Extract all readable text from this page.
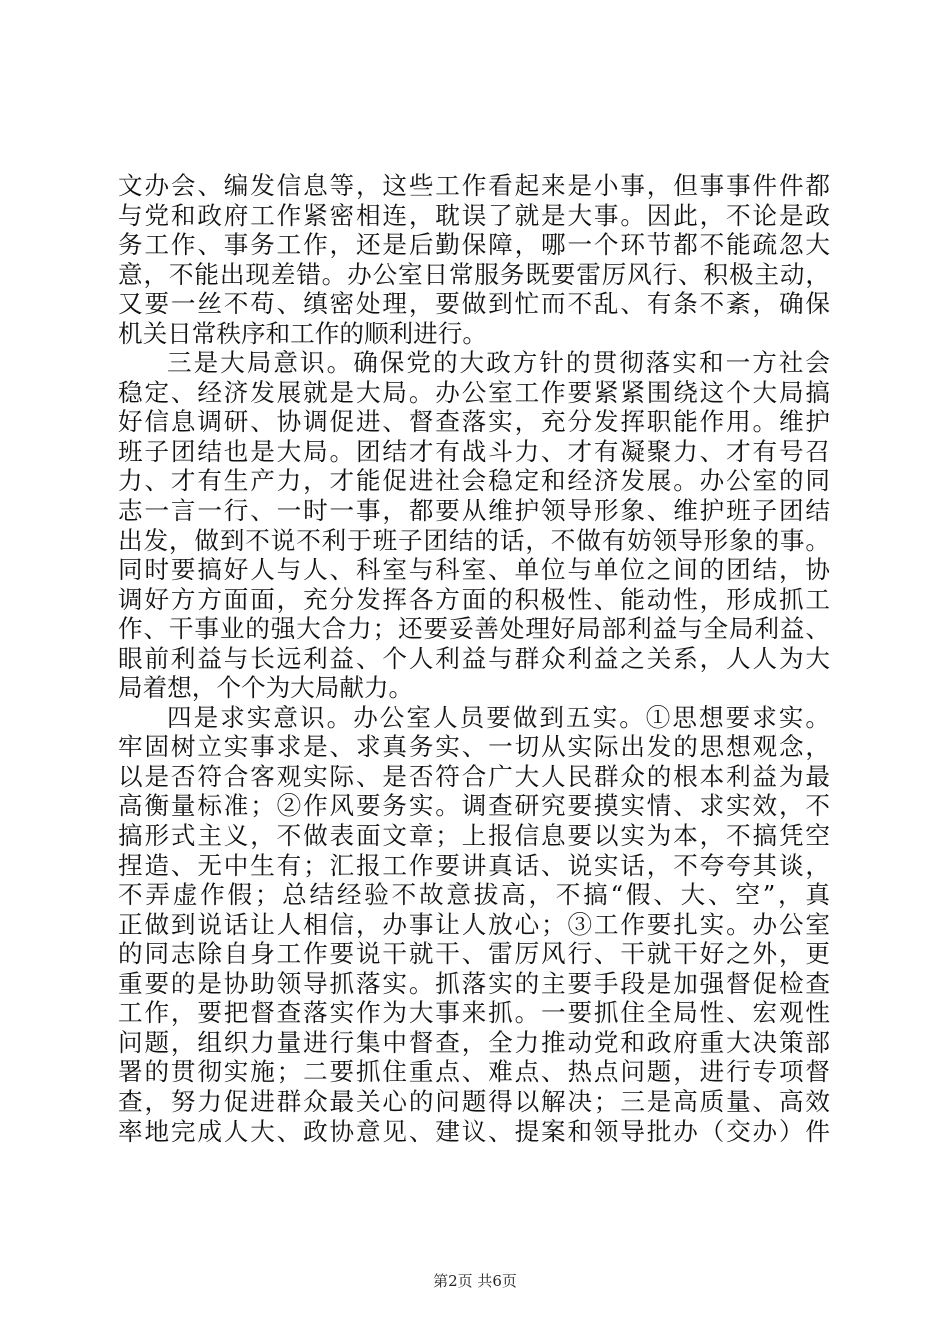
文办会、编发信息等，这些工作看起来是小事，但事事件件都
与党和政府工作紧密相连，耽误了就是大事。因此，不论是政
务工作、事务工作，还是后勤保障，哪一个环节都不能疏忽大
意，不能出现差错。办公室日常服务既要雷厉风行、积极主动，
又要一丝不苟、缜密处理，要做到忙而不乱、有条不紊，确保
机关日常秩序和工作的顺利进行。
三是大局意识。确保党的大政方针的贯彻落实和一方社会
稳定、经济发展就是大局。办公室工作要紧紧围绕这个大局搞
好信息调研、协调促进、督查落实，充分发挥职能作用。维护
班子团结也是大局。团结才有战斗力、才有凝聚力、才有号召
力、才有生产力，才能促进社会稳定和经济发展。办公室的同
志一言一行、一时一事，都要从维护领导形象、维护班子团结
出发，做到不说不利于班子团结的话，不做有妨领导形象的事。
同时要搞好人与人、科室与科室、单位与单位之间的团结，协
调好方方面面，充分发挥各方面的积极性、能动性，形成抓工
作、干事业的强大合力；还要妥善处理好局部利益与全局利益、
眼前利益与长远利益、个人利益与群众利益之关系，人人为大
局着想，个个为大局献力。
四是求实意识。办公室人员要做到五实。①思想要求实。
牢固树立实事求是、求真务实、一切从实际出发的思想观念，
以是否符合客观实际、是否符合广大人民群众的根本利益为最
高衡量标准；②作风要务实。调查研究要摸实情、求实效，不
搞形式主义，不做表面文章；上报信息要以实为本，不搞凭空
捏造、无中生有；汇报工作要讲真话、说实话，不夸夸其谈，
不弄虚作假；总结经验不故意拔高，不搞“假、大、空”，真
正做到说话让人相信，办事让人放心；③工作要扎实。办公室
的同志除自身工作要说干就干、雷厉风行、干就干好之外，更
重要的是协助领导抓落实。抓落实的主要手段是加强督促检查
工作，要把督查落实作为大事来抓。一要抓住全局性、宏观性
问题，组织力量进行集中督查，全力推动党和政府重大决策部
署的贯彻实施；二要抓住重点、难点、热点问题，进行专项督
查，努力促进群众最关心的问题得以解决；三是高质量、高效
率地完成人大、政协意见、建议、提案和领导批办（交办）件
第2页 共6页
